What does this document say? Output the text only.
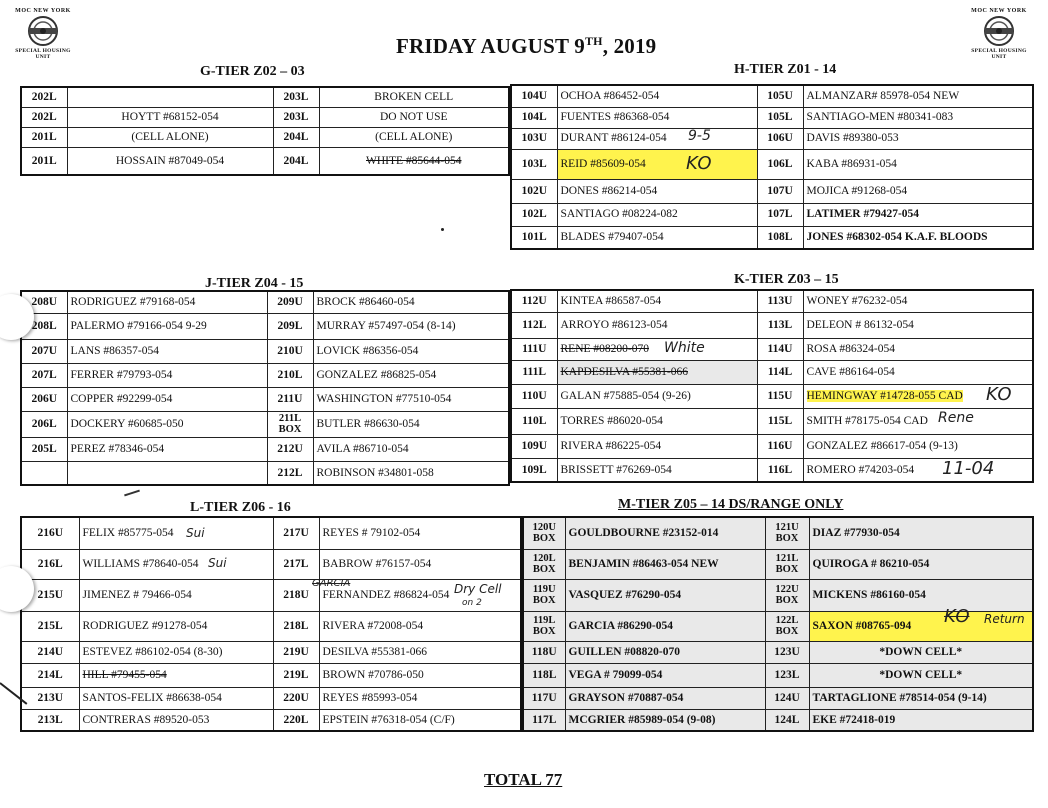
MOC NEW YORK
SPECIAL HOUSING UNIT
MOC NEW YORK
SPECIAL HOUSING UNIT
FRIDAY AUGUST 9TH, 2019
G-TIER Z02 – 03
202L		203L	BROKEN CELL
202L	HOYTT #68152-054	203L	DO NOT USE
201L	(CELL ALONE)	204L	(CELL ALONE)
201L	HOSSAIN #87049-054	204L	WHITE #85644-054
H-TIER Z01 - 14
104U	OCHOA #86452-054	105U	ALMANZAR# 85978-054 NEW
104L	FUENTES #86368-054	105L	SANTIAGO-MEN #80341-083
103U	DURANT #86124-054	106U	DAVIS #89380-053
103L	REID #85609-054	106L	KABA #86931-054
102U	DONES #86214-054	107U	MOJICA #91268-054
102L	SANTIAGO #08224-082	107L	LATIMER #79427-054
101L	BLADES #79407-054	108L	JONES #68302-054 K.A.F. BLOODS
9-5
KO
J-TIER Z04 - 15
208U	RODRIGUEZ #79168-054	209U	BROCK #86460-054
208L	PALERMO #79166-054 9-29	209L	MURRAY #57497-054 (8-14)
207U	LANS #86357-054	210U	LOVICK #86356-054
207L	FERRER #79793-054	210L	GONZALEZ #86825-054
206U	COPPER #92299-054	211U	WASHINGTON #77510-054
206L	DOCKERY #60685-050	211L BOX	BUTLER #86630-054
205L	PEREZ #78346-054	212U	AVILA #86710-054
		212L	ROBINSON #34801-058
K-TIER Z03 – 15
112U	KINTEA #86587-054	113U	WONEY #76232-054
112L	ARROYO #86123-054	113L	DELEON # 86132-054
111U	RENE #08200-070	114U	ROSA #86324-054
111L	KAPDESILVA #55381-066	114L	CAVE #86164-054
110U	GALAN #75885-054 (9-26)	115U	HEMINGWAY #14728-055 CAD
110L	TORRES #86020-054	115L	SMITH #78175-054 CAD
109U	RIVERA #86225-054	116U	GONZALEZ #86617-054 (9-13)
109L	BRISSETT #76269-054	116L	ROMERO #74203-054
White
KO
Rene
11-04
L-TIER Z06 - 16
216U	FELIX #85775-054	217U	REYES # 79102-054
216L	WILLIAMS #78640-054	217L	BABROW #76157-054
215U	JIMENEZ # 79466-054	218U	FERNANDEZ #86824-054
215L	RODRIGUEZ #91278-054	218L	RIVERA #72008-054
214U	ESTEVEZ #86102-054 (8-30)	219U	DESILVA #55381-066
214L	HILL #79455-054	219L	BROWN #70786-050
213U	SANTOS-FELIX #86638-054	220U	REYES #85993-054
213L	CONTRERAS #89520-053	220L	EPSTEIN #76318-054 (C/F)
Sui
Sui
GARCIA	Dry Cell
on 2
M-TIER Z05 – 14 DS/RANGE ONLY
120U BOX	GOULDBOURNE #23152-014	121U BOX	DIAZ #77930-054
120L BOX	BENJAMIN #86463-054 NEW	121L BOX	QUIROGA # 86210-054
119U BOX	VASQUEZ #76290-054	122U BOX	MICKENS #86160-054
119L BOX	GARCIA #86290-054	122L BOX	SAXON #08765-094
118U	GUILLEN #08820-070	123U	*DOWN CELL*
118L	VEGA # 79099-054	123L	*DOWN CELL*
117U	GRAYSON #70887-054	124U	TARTAGLIONE #78514-054 (9-14)
117L	MCGRIER #85989-054 (9-08)	124L	EKE #72418-019
KO Return
TOTAL 77
